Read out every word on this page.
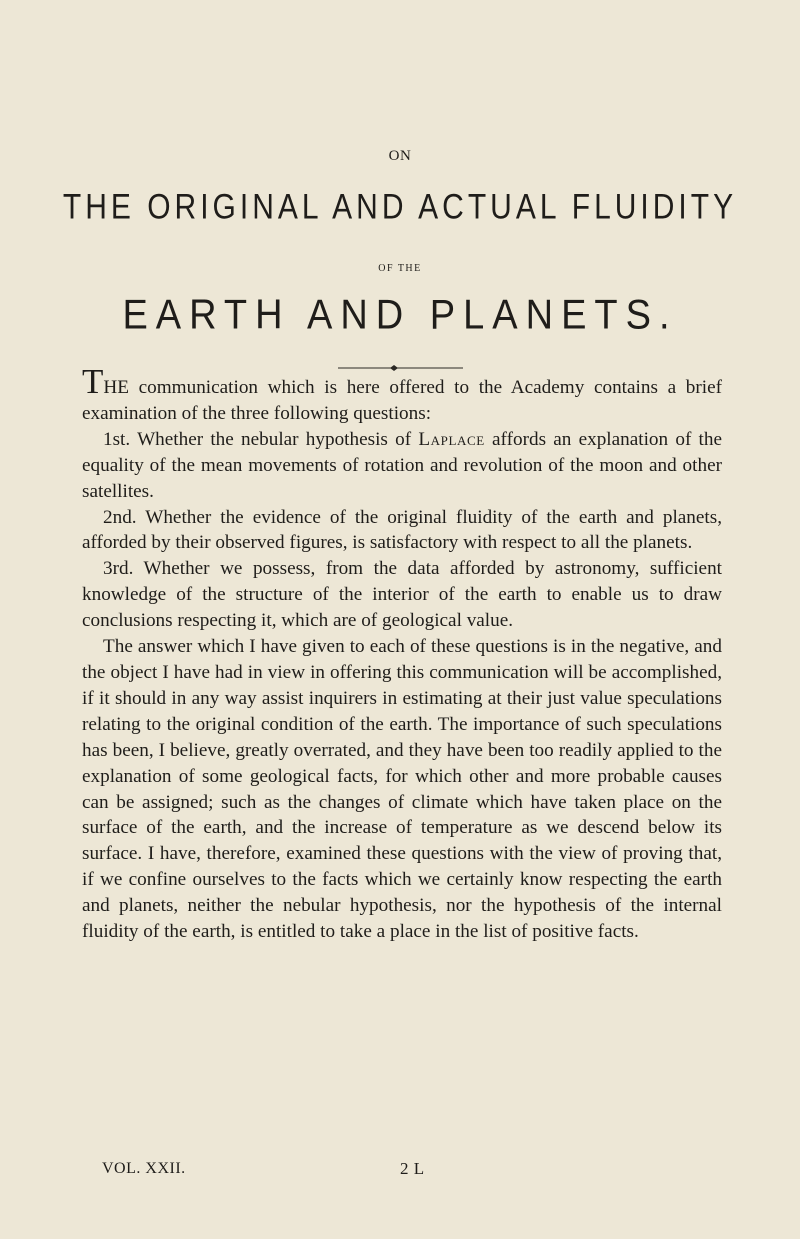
ON
THE ORIGINAL AND ACTUAL FLUIDITY
OF THE
EARTH AND PLANETS.

THE communication which is here offered to the Academy contains a brief examination of the three following questions:

1st. Whether the nebular hypothesis of Laplace affords an explanation of the equality of the mean movements of rotation and revolution of the moon and other satellites.

2nd. Whether the evidence of the original fluidity of the earth and planets, afforded by their observed figures, is satisfactory with respect to all the planets.

3rd. Whether we possess, from the data afforded by astronomy, sufficient knowledge of the structure of the interior of the earth to enable us to draw conclusions respecting it, which are of geological value.

The answer which I have given to each of these questions is in the negative, and the object I have had in view in offering this communication will be accomplished, if it should in any way assist inquirers in estimating at their just value speculations relating to the original condition of the earth. The importance of such speculations has been, I believe, greatly overrated, and they have been too readily applied to the explanation of some geological facts, for which other and more probable causes can be assigned; such as the changes of climate which have taken place on the surface of the earth, and the increase of temperature as we descend below its surface. I have, therefore, examined these questions with the view of proving that, if we confine ourselves to the facts which we certainly know respecting the earth and planets, neither the nebular hypothesis, nor the hypothesis of the internal fluidity of the earth, is entitled to take a place in the list of positive facts.

VOL. XXII.	2 L
